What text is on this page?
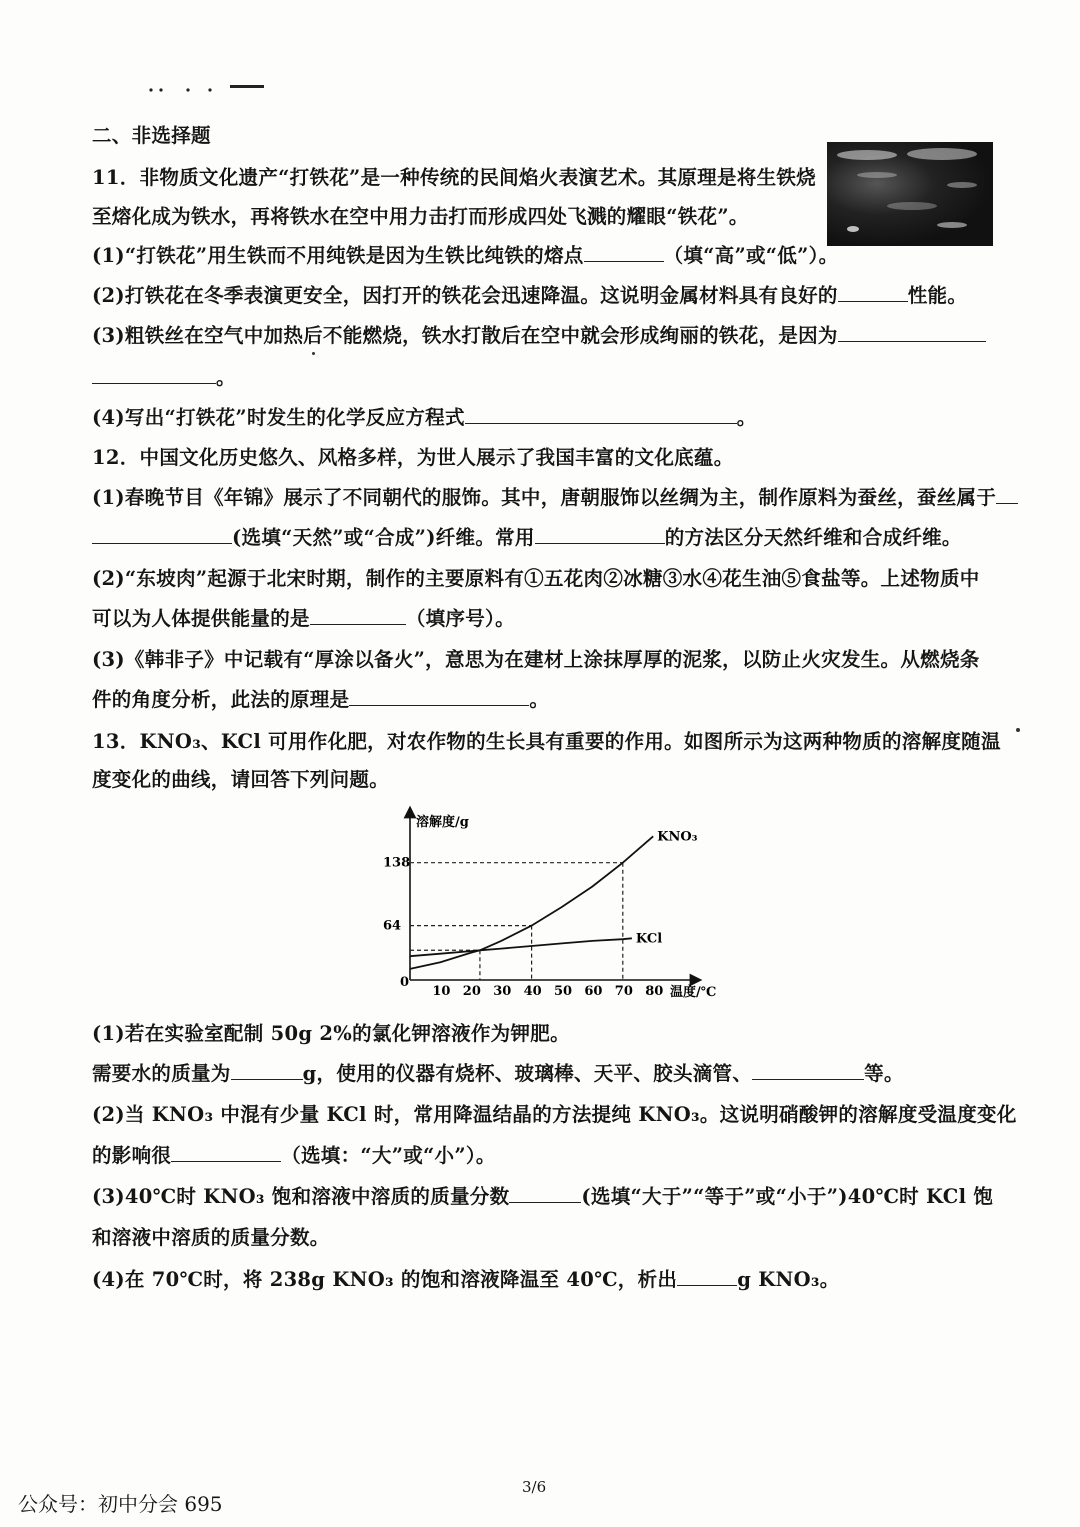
二、非选择题
11．非物质文化遗产“打铁花”是一种传统的民间焰火表演艺术。其原理是将生铁烧
至熔化成为铁水，再将铁水在空中用力击打而形成四处飞溅的耀眼“铁花”。
(1)“打铁花”用生铁而不用纯铁是因为生铁比纯铁的熔点	（填“高”或“低”）。
(2)打铁花在冬季表演更安全，因打开的铁花会迅速降温。这说明金属材料具有良好的	性能。
(3)粗铁丝在空气中加热后不能燃烧，铁水打散后在空中就会形成绚丽的铁花，是因为
。
(4)写出“打铁花”时发生的化学反应方程式	。
12．中国文化历史悠久、风格多样，为世人展示了我国丰富的文化底蕴。
(1)春晚节目《年锦》展示了不同朝代的服饰。其中，唐朝服饰以丝绸为主，制作原料为蚕丝，蚕丝属于
(选填“天然”或“合成”)纤维。常用	的方法区分天然纤维和合成纤维。
(2)“东坡肉”起源于北宋时期，制作的主要原料有①五花肉②冰糖③水④花生油⑤食盐等。上述物质中
可以为人体提供能量的是	（填序号）。
(3)《韩非子》中记载有“厚涂以备火”，意思为在建材上涂抹厚厚的泥浆，以防止火灾发生。从燃烧条
件的角度分析，此法的原理是	。
13．KNO₃、KCl 可用作化肥，对农作物的生长具有重要的作用。如图所示为这两种物质的溶解度随温
度变化的曲线，请回答下列问题。
溶解度/g
温度/℃
0
10 20 30 40 50 60 70 80
64
138
KNO₃
KCl
(1)若在实验室配制 50g 2%的氯化钾溶液作为钾肥。
需要水的质量为	g，使用的仪器有烧杯、玻璃棒、天平、胶头滴管、	等。
(2)当 KNO₃ 中混有少量 KCl 时，常用降温结晶的方法提纯 KNO₃。这说明硝酸钾的溶解度受温度变化
的影响很	（选填：“大”或“小”）。
(3)40℃时 KNO₃ 饱和溶液中溶质的质量分数	(选填“大于”“等于”或“小于”)40℃时 KCl 饱
和溶液中溶质的质量分数。
(4)在 70℃时，将 238g KNO₃ 的饱和溶液降温至 40℃，析出	g KNO₃。
3/6
公众号：初中分会 695
